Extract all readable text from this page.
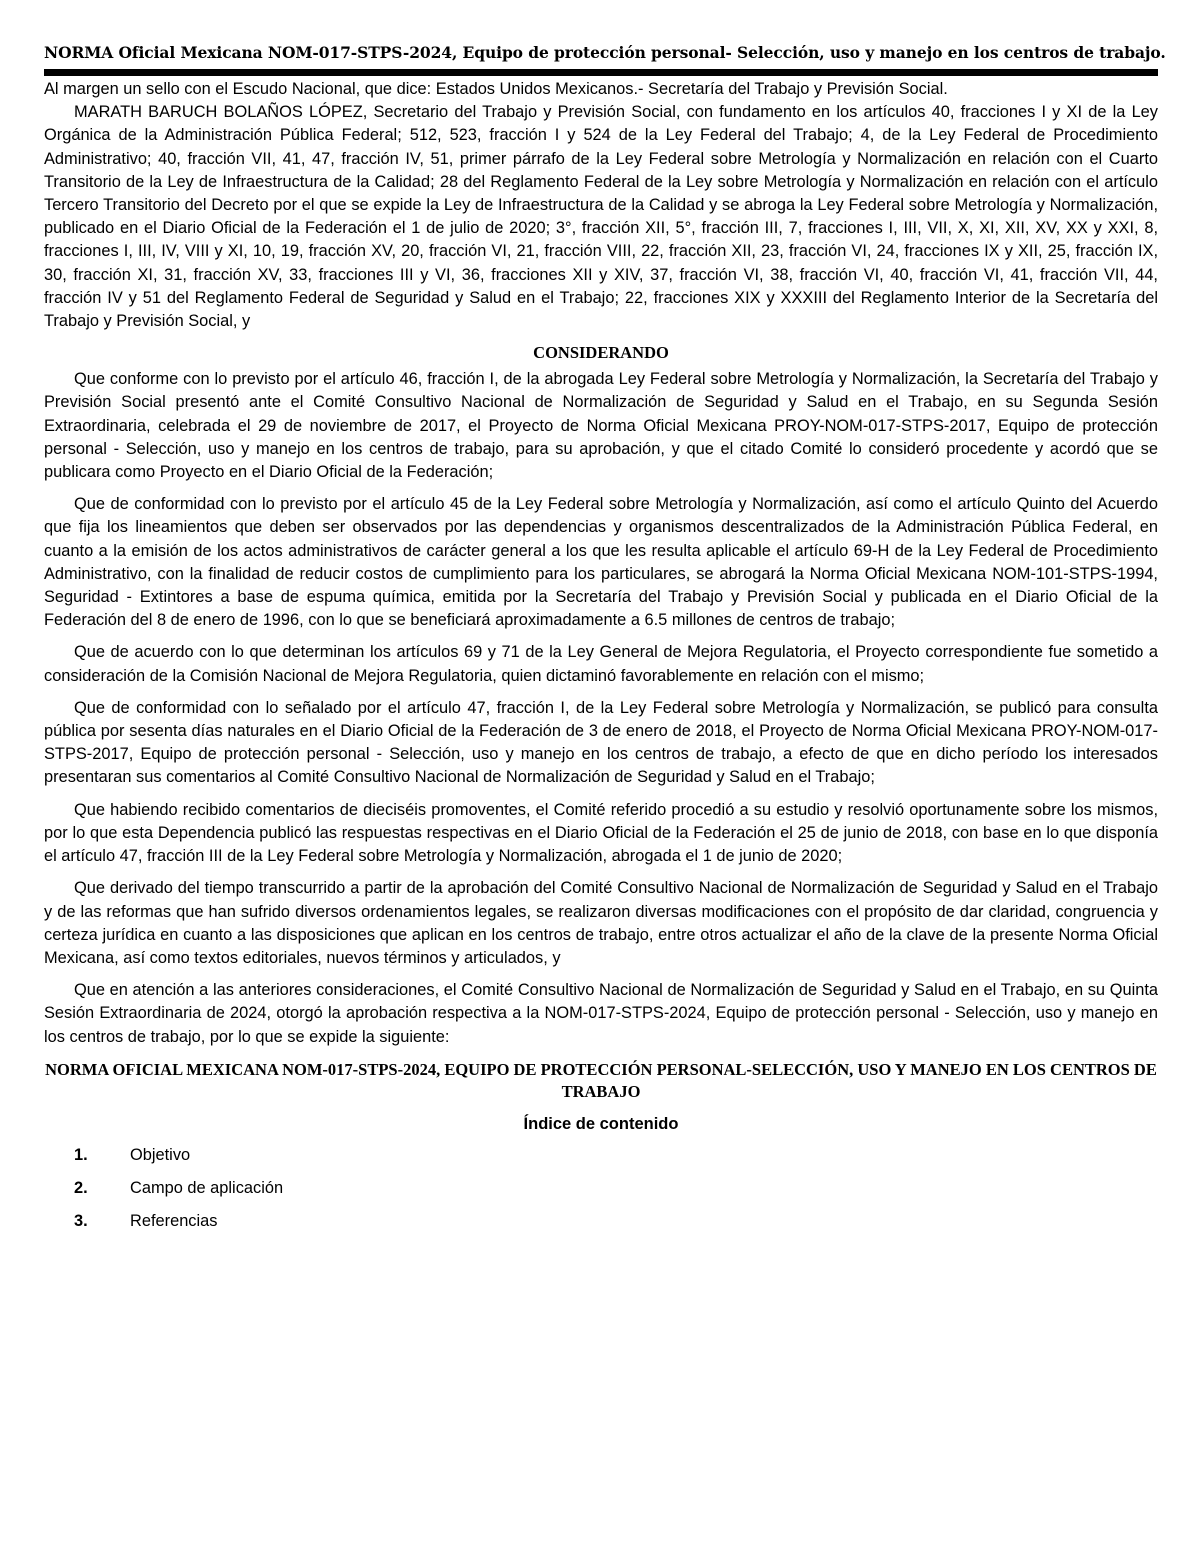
NORMA Oficial Mexicana NOM-017-STPS-2024, Equipo de protección personal- Selección, uso y manejo en los centros de trabajo.

Al margen un sello con el Escudo Nacional, que dice: Estados Unidos Mexicanos.- Secretaría del Trabajo y Previsión Social.

MARATH BARUCH BOLAÑOS LÓPEZ, Secretario del Trabajo y Previsión Social, con fundamento en los artículos 40, fracciones I y XI de la Ley Orgánica de la Administración Pública Federal; 512, 523, fracción I y 524 de la Ley Federal del Trabajo; 4, de la Ley Federal de Procedimiento Administrativo; 40, fracción VII, 41, 47, fracción IV, 51, primer párrafo de la Ley Federal sobre Metrología y Normalización en relación con el Cuarto Transitorio de la Ley de Infraestructura de la Calidad; 28 del Reglamento Federal de la Ley sobre Metrología y Normalización en relación con el artículo Tercero Transitorio del Decreto por el que se expide la Ley de Infraestructura de la Calidad y se abroga la Ley Federal sobre Metrología y Normalización, publicado en el Diario Oficial de la Federación el 1 de julio de 2020; 3°, fracción XII, 5°, fracción III, 7, fracciones I, III, VII, X, XI, XII, XV, XX y XXI, 8, fracciones I, III, IV, VIII y XI, 10, 19, fracción XV, 20, fracción VI, 21, fracción VIII, 22, fracción XII, 23, fracción VI, 24, fracciones IX y XII, 25, fracción IX, 30, fracción XI, 31, fracción XV, 33, fracciones III y VI, 36, fracciones XII y XIV, 37, fracción VI, 38, fracción VI, 40, fracción VI, 41, fracción VII, 44, fracción IV y 51 del Reglamento Federal de Seguridad y Salud en el Trabajo; 22, fracciones XIX y XXXIII del Reglamento Interior de la Secretaría del Trabajo y Previsión Social, y

CONSIDERANDO

Que conforme con lo previsto por el artículo 46, fracción I, de la abrogada Ley Federal sobre Metrología y Normalización, la Secretaría del Trabajo y Previsión Social presentó ante el Comité Consultivo Nacional de Normalización de Seguridad y Salud en el Trabajo, en su Segunda Sesión Extraordinaria, celebrada el 29 de noviembre de 2017, el Proyecto de Norma Oficial Mexicana PROY-NOM-017-STPS-2017, Equipo de protección personal - Selección, uso y manejo en los centros de trabajo, para su aprobación, y que el citado Comité lo consideró procedente y acordó que se publicara como Proyecto en el Diario Oficial de la Federación;

Que de conformidad con lo previsto por el artículo 45 de la Ley Federal sobre Metrología y Normalización, así como el artículo Quinto del Acuerdo que fija los lineamientos que deben ser observados por las dependencias y organismos descentralizados de la Administración Pública Federal, en cuanto a la emisión de los actos administrativos de carácter general a los que les resulta aplicable el artículo 69-H de la Ley Federal de Procedimiento Administrativo, con la finalidad de reducir costos de cumplimiento para los particulares, se abrogará la Norma Oficial Mexicana NOM-101-STPS-1994, Seguridad - Extintores a base de espuma química, emitida por la Secretaría del Trabajo y Previsión Social y publicada en el Diario Oficial de la Federación del 8 de enero de 1996, con lo que se beneficiará aproximadamente a 6.5 millones de centros de trabajo;

Que de acuerdo con lo que determinan los artículos 69 y 71 de la Ley General de Mejora Regulatoria, el Proyecto correspondiente fue sometido a consideración de la Comisión Nacional de Mejora Regulatoria, quien dictaminó favorablemente en relación con el mismo;

Que de conformidad con lo señalado por el artículo 47, fracción I, de la Ley Federal sobre Metrología y Normalización, se publicó para consulta pública por sesenta días naturales en el Diario Oficial de la Federación de 3 de enero de 2018, el Proyecto de Norma Oficial Mexicana PROY-NOM-017-STPS-2017, Equipo de protección personal - Selección, uso y manejo en los centros de trabajo, a efecto de que en dicho período los interesados presentaran sus comentarios al Comité Consultivo Nacional de Normalización de Seguridad y Salud en el Trabajo;

Que habiendo recibido comentarios de dieciséis promoventes, el Comité referido procedió a su estudio y resolvió oportunamente sobre los mismos, por lo que esta Dependencia publicó las respuestas respectivas en el Diario Oficial de la Federación el 25 de junio de 2018, con base en lo que disponía el artículo 47, fracción III de la Ley Federal sobre Metrología y Normalización, abrogada el 1 de junio de 2020;

Que derivado del tiempo transcurrido a partir de la aprobación del Comité Consultivo Nacional de Normalización de Seguridad y Salud en el Trabajo y de las reformas que han sufrido diversos ordenamientos legales, se realizaron diversas modificaciones con el propósito de dar claridad, congruencia y certeza jurídica en cuanto a las disposiciones que aplican en los centros de trabajo, entre otros actualizar el año de la clave de la presente Norma Oficial Mexicana, así como textos editoriales, nuevos términos y articulados, y

Que en atención a las anteriores consideraciones, el Comité Consultivo Nacional de Normalización de Seguridad y Salud en el Trabajo, en su Quinta Sesión Extraordinaria de 2024, otorgó la aprobación respectiva a la NOM-017-STPS-2024, Equipo de protección personal - Selección, uso y manejo en los centros de trabajo, por lo que se expide la siguiente:

NORMA OFICIAL MEXICANA NOM-017-STPS-2024, EQUIPO DE PROTECCIÓN PERSONAL-SELECCIÓN, USO Y MANEJO EN LOS CENTROS DE TRABAJO

Índice de contenido

1.	Objetivo
2.	Campo de aplicación
3.	Referencias
